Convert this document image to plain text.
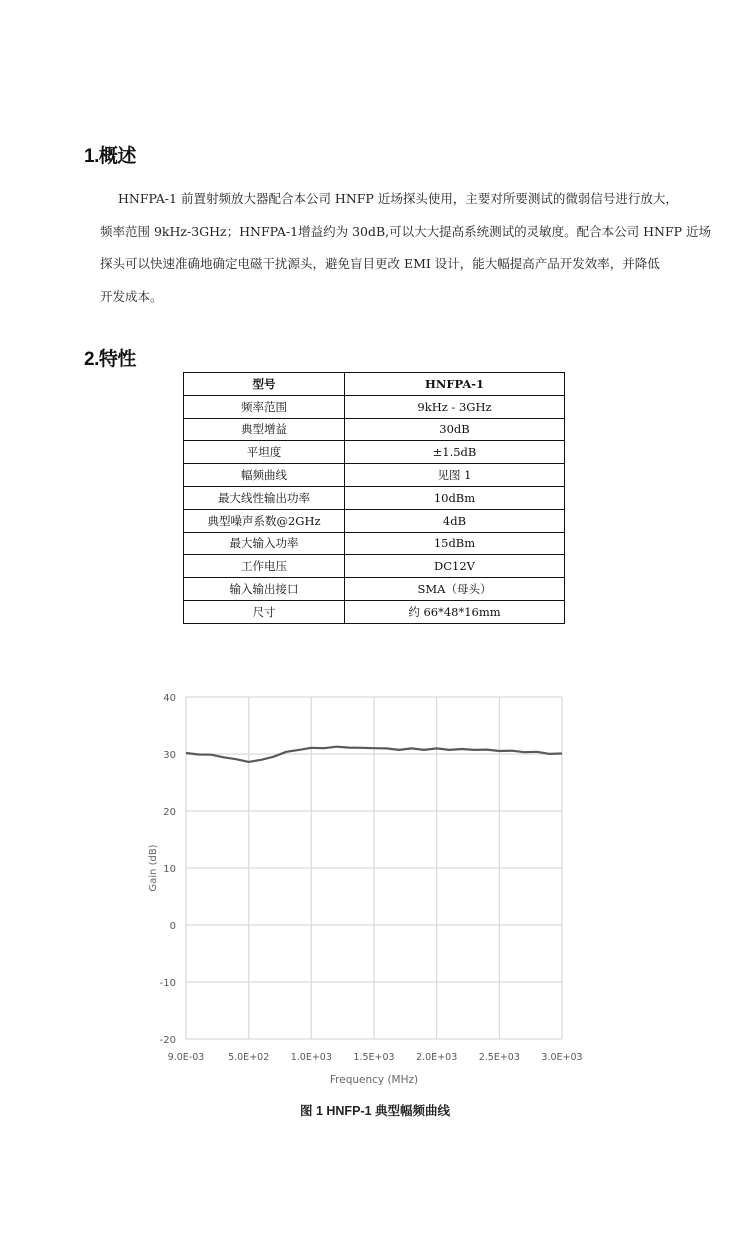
1.概述
HNFPA-1 前置射频放大器配合本公司 HNFP 近场探头使用，主要对所要测试的微弱信号进行放大，
频率范围 9kHz-3GHz；HNFPA-1增益约为 30dB,可以大大提高系统测试的灵敏度。配合本公司 HNFP 近场
探头可以快速准确地确定电磁干扰源头，避免盲目更改 EMI 设计，能大幅提高产品开发效率，并降低
开发成本。
2.特性
型号	HNFPA-1
频率范围	9kHz - 3GHz
典型增益	30dB
平坦度	±1.5dB
幅频曲线	见图 1
最大线性输出功率	10dBm
典型噪声系数@2GHz	4dB
最大输入功率	15dBm
工作电压	DC12V
输入输出接口	SMA（母头）
尺寸	约 66*48*16mm
40
30
20
10
0
-10
-20
9.0E-03	5.0E+02 1.0E+03 1.5E+03 2.0E+03 2.5E+03 3.0E+03
Frequency (MHz)
Gain (dB)
图 1 HNFP-1 典型幅频曲线
